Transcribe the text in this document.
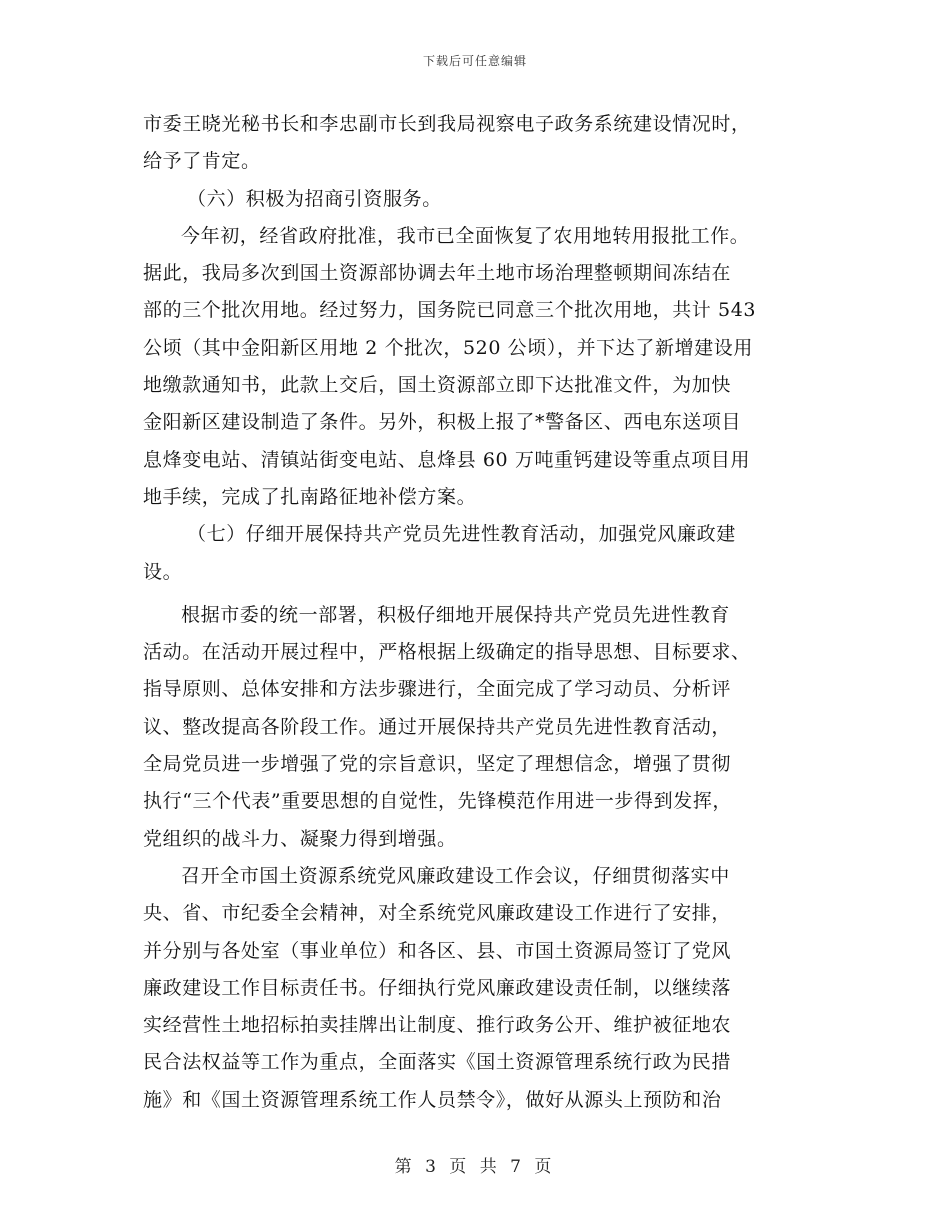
下载后可任意编辑
市委王晓光秘书长和李忠副市长到我局视察电子政务系统建设情况时，
给予了肯定。
（六）积极为招商引资服务。
今年初，经省政府批准，我市已全面恢复了农用地转用报批工作。
据此，我局多次到国土资源部协调去年土地市场治理整顿期间冻结在
部的三个批次用地。经过努力，国务院已同意三个批次用地，共计 543
公顷（其中金阳新区用地 2 个批次，520 公顷），并下达了新增建设用
地缴款通知书，此款上交后，国土资源部立即下达批准文件，为加快
金阳新区建设制造了条件。另外，积极上报了*警备区、西电东送项目
息烽变电站、清镇站街变电站、息烽县 60 万吨重钙建设等重点项目用
地手续，完成了扎南路征地补偿方案。
（七）仔细开展保持共产党员先进性教育活动，加强党风廉政建
设。
根据市委的统一部署，积极仔细地开展保持共产党员先进性教育
活动。在活动开展过程中，严格根据上级确定的指导思想、目标要求、
指导原则、总体安排和方法步骤进行，全面完成了学习动员、分析评
议、整改提高各阶段工作。通过开展保持共产党员先进性教育活动，
全局党员进一步增强了党的宗旨意识，坚定了理想信念，增强了贯彻
执行“三个代表”重要思想的自觉性，先锋模范作用进一步得到发挥，
党组织的战斗力、凝聚力得到增强。
召开全市国土资源系统党风廉政建设工作会议，仔细贯彻落实中
央、省、市纪委全会精神，对全系统党风廉政建设工作进行了安排，
并分别与各处室（事业单位）和各区、县、市国土资源局签订了党风
廉政建设工作目标责任书。仔细执行党风廉政建设责任制，以继续落
实经营性土地招标拍卖挂牌出让制度、推行政务公开、维护被征地农
民合法权益等工作为重点，全面落实《国土资源管理系统行政为民措
施》和《国土资源管理系统工作人员禁令》，做好从源头上预防和治
第 3 页 共 7 页
